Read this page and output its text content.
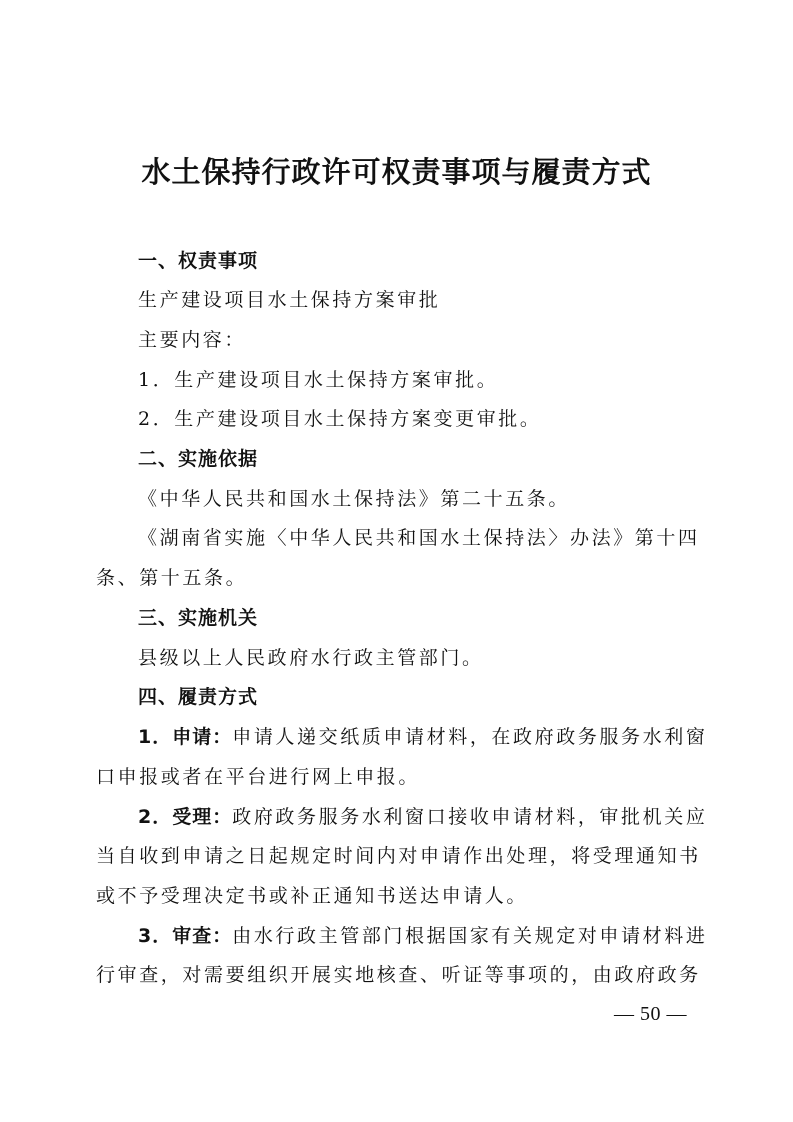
水土保持行政许可权责事项与履责方式

一、权责事项

生产建设项目水土保持方案审批

主要内容：

1．生产建设项目水土保持方案审批。

2．生产建设项目水土保持方案变更审批。

二、实施依据

《中华人民共和国水土保持法》第二十五条。

《湖南省实施〈中华人民共和国水土保持法〉办法》第十四

条、第十五条。

三、实施机关

县级以上人民政府水行政主管部门。

四、履责方式

1．申请：申请人递交纸质申请材料，在政府政务服务水利窗

口申报或者在平台进行网上申报。

2．受理：政府政务服务水利窗口接收申请材料，审批机关应

当自收到申请之日起规定时间内对申请作出处理，将受理通知书

或不予受理决定书或补正通知书送达申请人。

3．审查：由水行政主管部门根据国家有关规定对申请材料进

行审查，对需要组织开展实地核查、听证等事项的，由政府政务

— 50 —
